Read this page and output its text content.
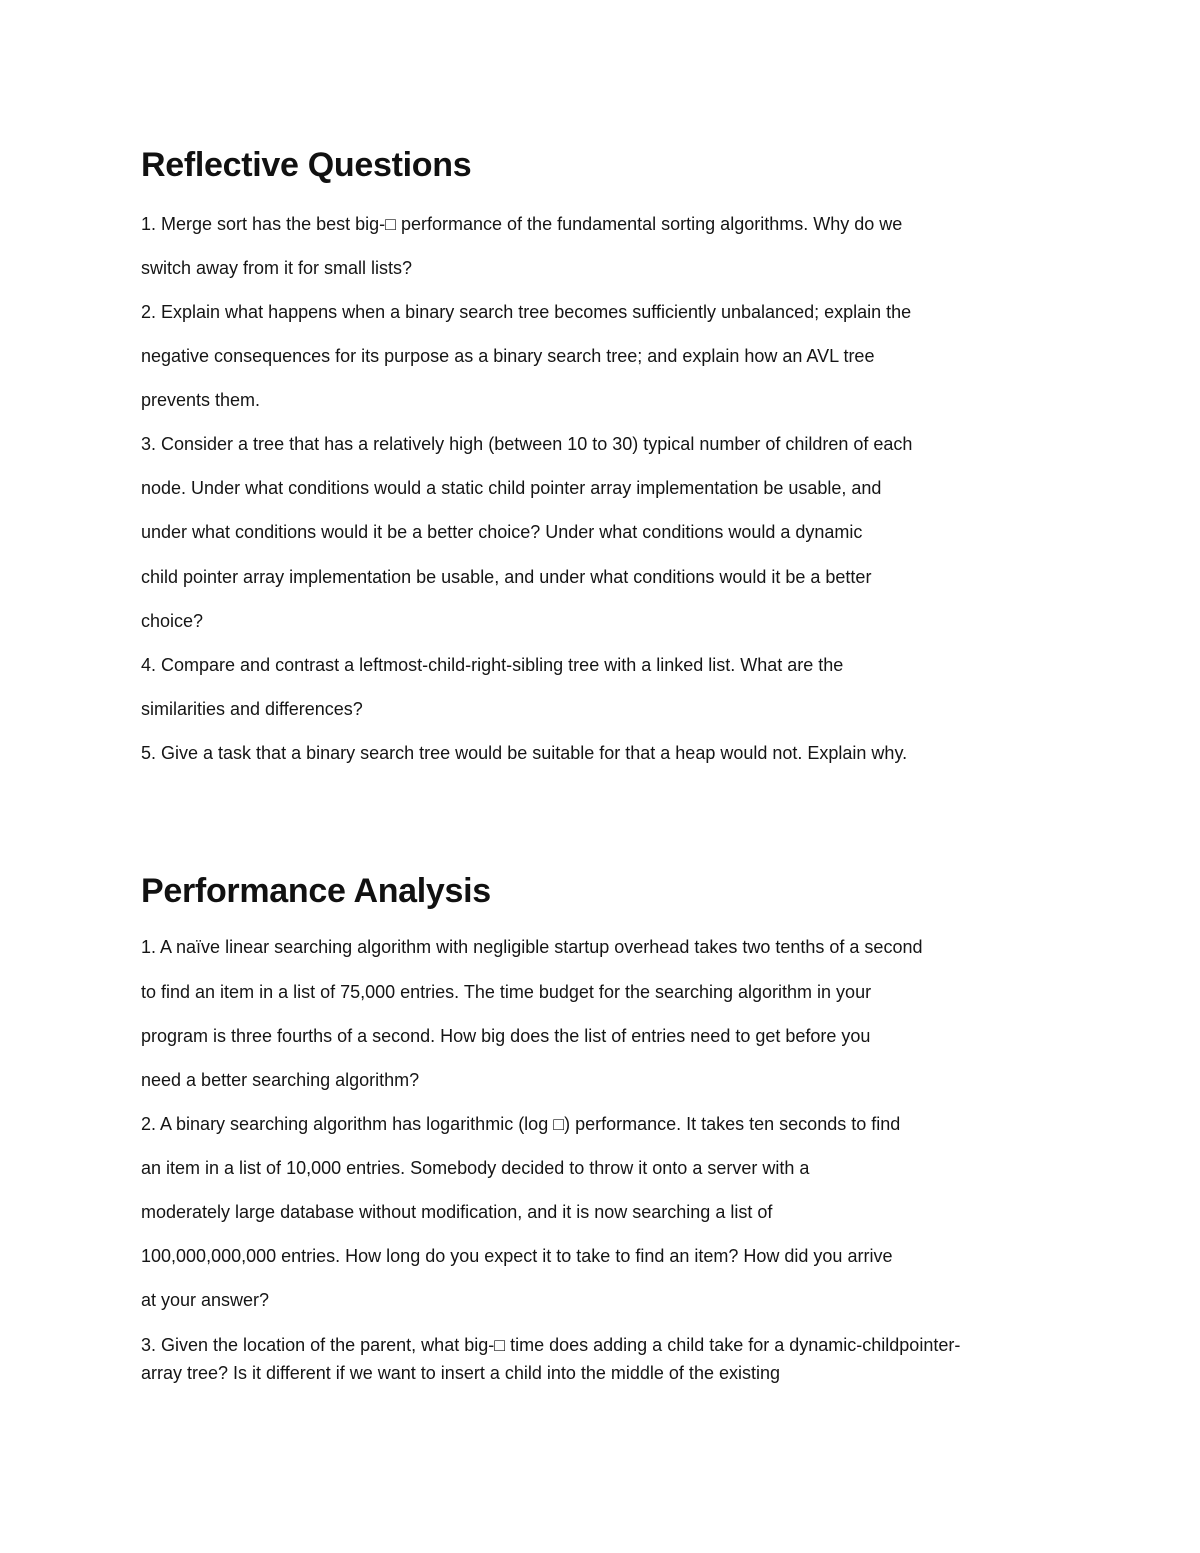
Reflective Questions

1. Merge sort has the best big-□ performance of the fundamental sorting algorithms. Why do we

switch away from it for small lists?

2. Explain what happens when a binary search tree becomes sufficiently unbalanced; explain the

negative consequences for its purpose as a binary search tree; and explain how an AVL tree

prevents them.

3. Consider a tree that has a relatively high (between 10 to 30) typical number of children of each

node. Under what conditions would a static child pointer array implementation be usable, and

under what conditions would it be a better choice? Under what conditions would a dynamic

child pointer array implementation be usable, and under what conditions would it be a better

choice?

4. Compare and contrast a leftmost-child-right-sibling tree with a linked list. What are the

similarities and differences?

5. Give a task that a binary search tree would be suitable for that a heap would not. Explain why.

Performance Analysis

1. A naïve linear searching algorithm with negligible startup overhead takes two tenths of a second

to find an item in a list of 75,000 entries. The time budget for the searching algorithm in your

program is three fourths of a second. How big does the list of entries need to get before you

need a better searching algorithm?

2. A binary searching algorithm has logarithmic (log □) performance. It takes ten seconds to find

an item in a list of 10,000 entries. Somebody decided to throw it onto a server with a

moderately large database without modification, and it is now searching a list of

100,000,000,000 entries. How long do you expect it to take to find an item? How did you arrive

at your answer?

3. Given the location of the parent, what big-□ time does adding a child take for a dynamic-childpointer-

array tree? Is it different if we want to insert a child into the middle of the existing
